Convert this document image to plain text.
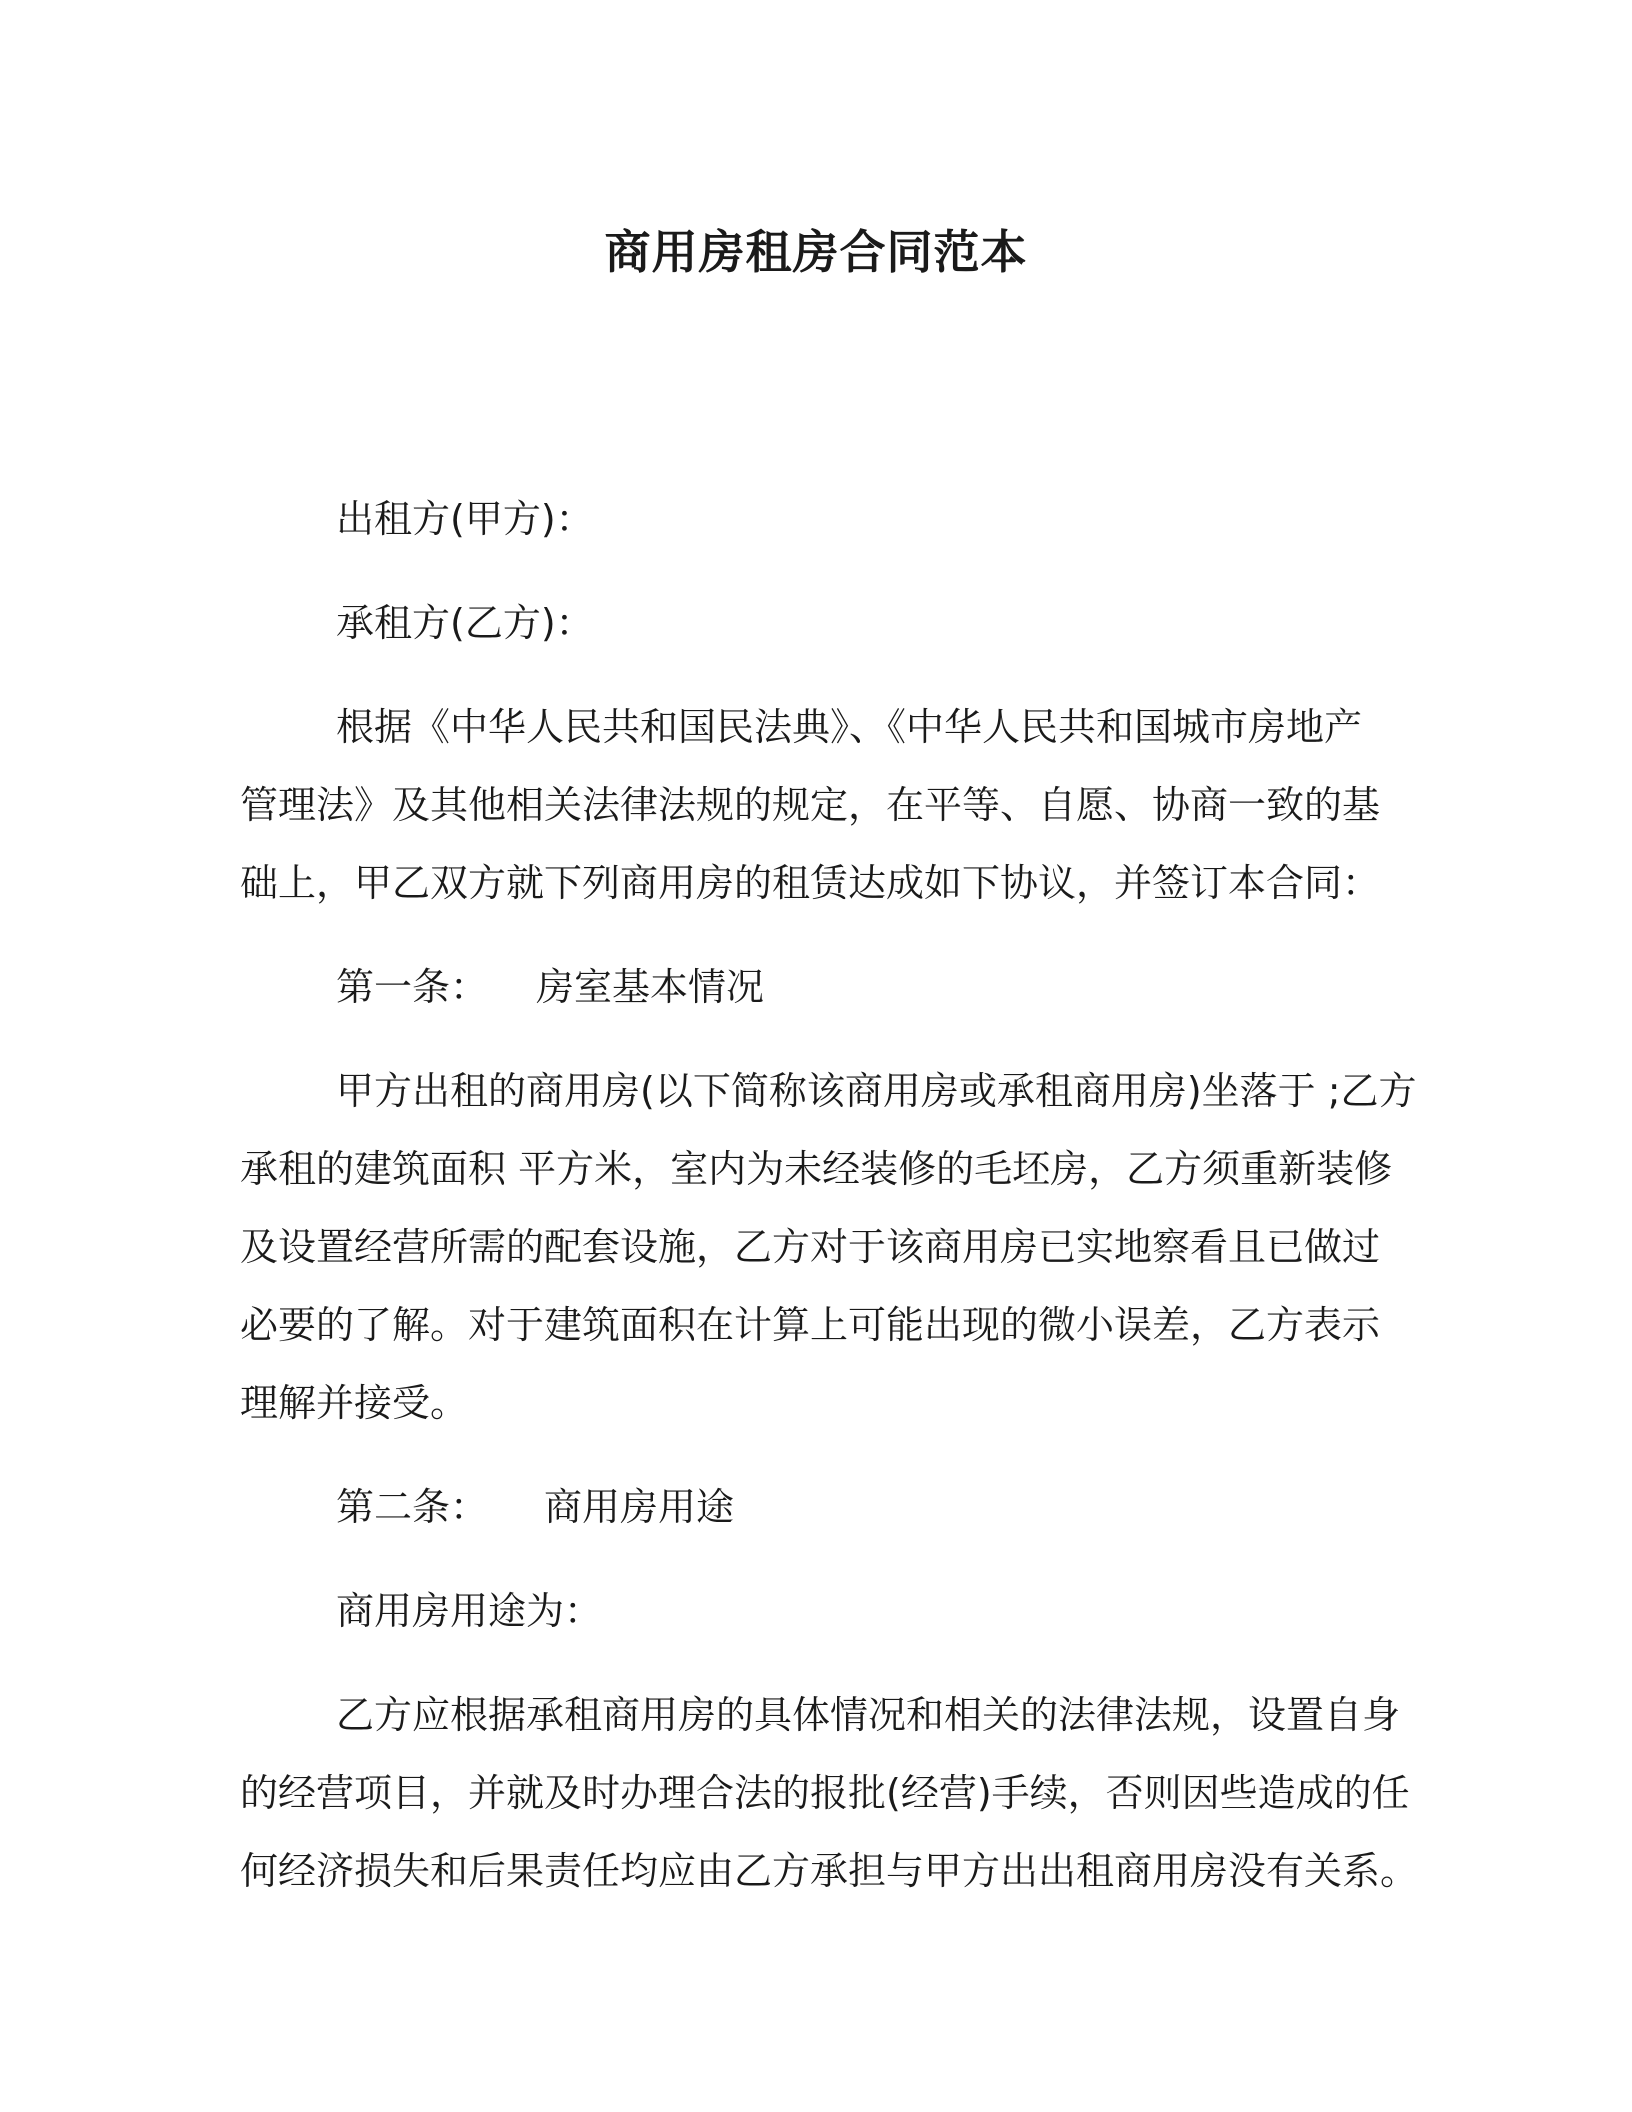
商用房租房合同范本
出租方(甲方)：
承租方(乙方)：
根据《中华人民共和国民法典》、《中华人民共和国城市房地产
管理法》及其他相关法律法规的规定，在平等、自愿、协商一致的基
础上，甲乙双方就下列商用房的租赁达成如下协议，并签订本合同：
第一条： 房室基本情况
甲方出租的商用房(以下简称该商用房或承租商用房)坐落于 ;乙方
承租的建筑面积 平方米，室内为未经装修的毛坯房，乙方须重新装修
及设置经营所需的配套设施，乙方对于该商用房已实地察看且已做过
必要的了解。对于建筑面积在计算上可能出现的微小误差，乙方表示
理解并接受。
第二条： 商用房用途
商用房用途为：
乙方应根据承租商用房的具体情况和相关的法律法规，设置自身
的经营项目，并就及时办理合法的报批(经营)手续，否则因些造成的任
何经济损失和后果责任均应由乙方承担与甲方出出租商用房没有关系。
